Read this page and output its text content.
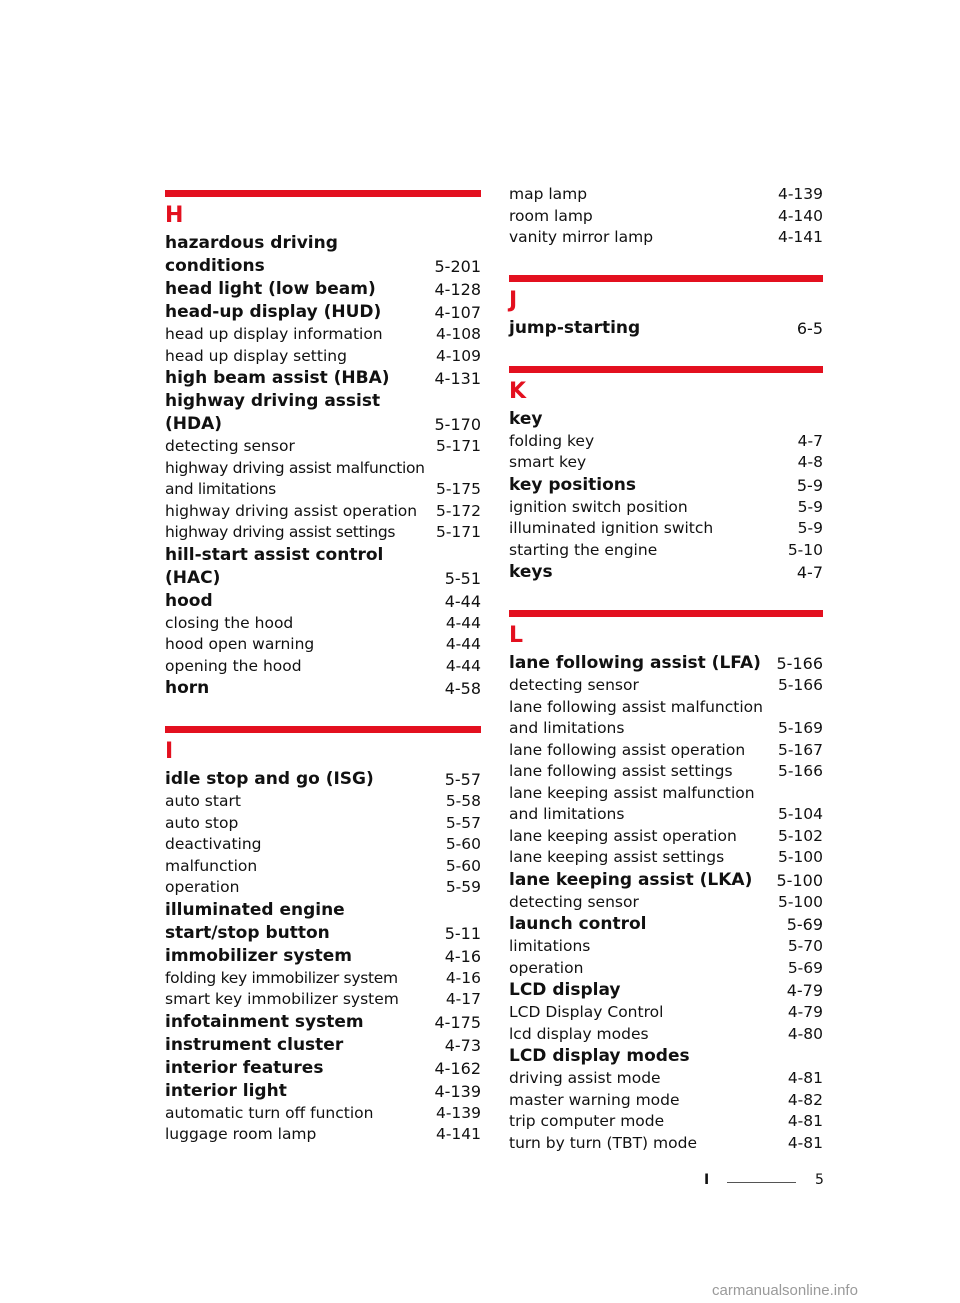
H
hazardous driving conditions	5-201
head light (low beam)	4-128
head-up display (HUD)	4-107
head up display information	4-108
head up display setting	4-109
high beam assist (HBA)	4-131
highway driving assist (HDA)	5-170
detecting sensor	5-171
highway driving assist malfunction and limitations	5-175
highway driving assist operation	5-172
highway driving assist settings	5-171
hill-start assist control (HAC)	5-51
hood	4-44
closing the hood	4-44
hood open warning	4-44
opening the hood	4-44
horn	4-58
I
idle stop and go (ISG)	5-57
auto start	5-58
auto stop	5-57
deactivating	5-60
malfunction	5-60
operation	5-59
illuminated engine start/stop button	5-11
immobilizer system	4-16
folding key immobilizer system	4-16
smart key immobilizer system	4-17
infotainment system	4-175
instrument cluster	4-73
interior features	4-162
interior light	4-139
automatic turn off function	4-139
luggage room lamp	4-141
map lamp	4-139
room lamp	4-140
vanity mirror lamp	4-141
J
jump-starting	6-5
K
key
folding key	4-7
smart key	4-8
key positions	5-9
ignition switch position	5-9
illuminated ignition switch	5-9
starting the engine	5-10
keys	4-7
L
lane following assist (LFA) 5-166
detecting sensor	5-166
lane following assist malfunction and limitations	5-169
lane following assist operation	5-167
lane following assist settings	5-166
lane keeping assist malfunction and limitations	5-104
lane keeping assist operation	5-102
lane keeping assist settings	5-100
lane keeping assist (LKA)	5-100
detecting sensor	5-100
launch control	5-69
limitations	5-70
operation	5-69
LCD display	4-79
LCD Display Control	4-79
lcd display modes	4-80
LCD display modes
driving assist mode	4-81
master warning mode	4-82
trip computer mode	4-81
turn by turn (TBT) mode	4-81
I	5
carmanualsonline.info
